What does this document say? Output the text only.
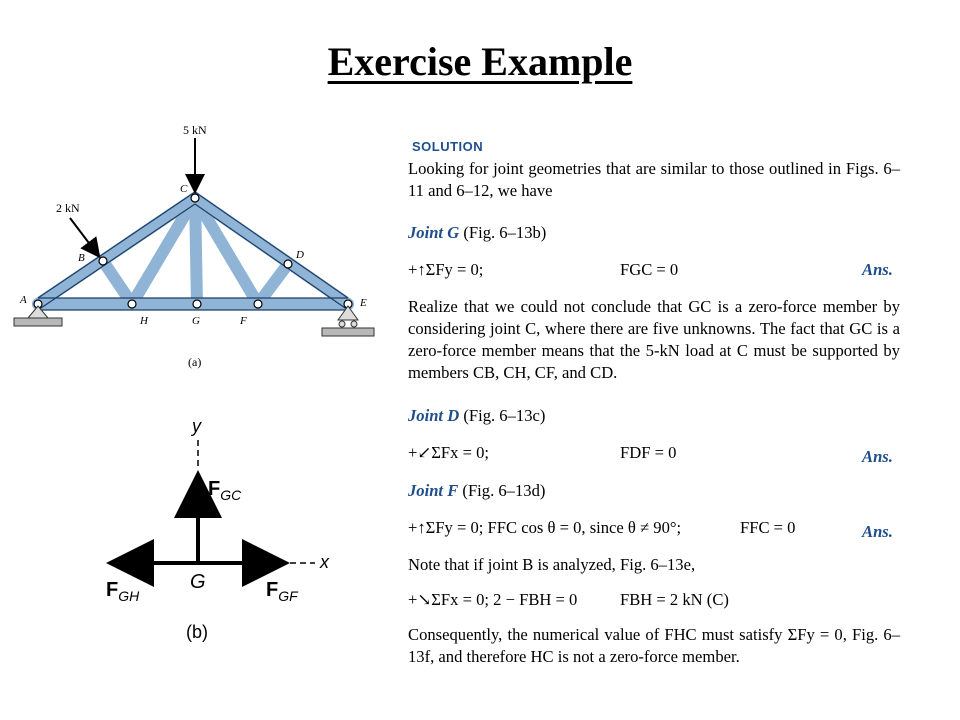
Exercise Example
5 kN
2 kN
A
B
C
D
E
F
G
H
(a)
y
x
G
$F_{GC}$
$F_{GH}$	$F_{GF}$
(b)
SOLUTION
Looking for joint geometries that are similar to those outlined in Figs. 6–11 and 6–12, we have
Joint G (Fig. 6–13b)
+↑ΣFy = 0;	FGC = 0	Ans.
Realize that we could not conclude that GC is a zero-force member by considering joint C, where there are five unknowns. The fact that GC is a zero-force member means that the 5-kN load at C must be supported by members CB, CH, CF, and CD.
Joint D (Fig. 6–13c)
+↙ΣFx = 0;	FDF = 0	Ans.
Joint F (Fig. 6–13d)
+↑ΣFy = 0; FFC cos θ = 0, since θ ≠ 90°;	FFC = 0	Ans.
Note that if joint B is analyzed, Fig. 6–13e,
+↘ΣFx = 0; 2 − FBH = 0	FBH = 2 kN (C)
Consequently, the numerical value of FHC must satisfy ΣFy = 0, Fig. 6–13f, and therefore HC is not a zero-force member.
